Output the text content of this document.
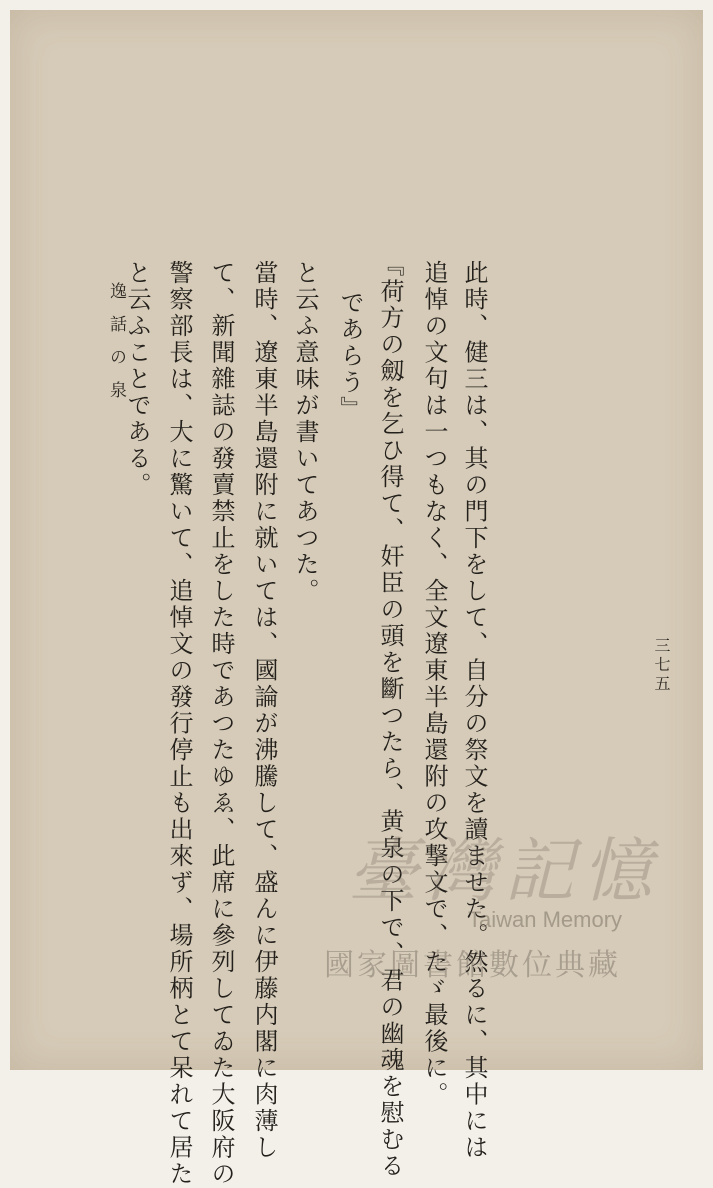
此時、健三は、其の門下をして、自分の祭文を讀ませた。然るに、其中には
追悼の文句は一つもなく、全文遼東半島還附の攻撃文で、たゞ最後に。
『荷方の劔を乞ひ得て、奸臣の頭を斷つたら、黄泉の下で、君の幽魂を慰むる
であらう』
と云ふ意味が書いてあつた。
當時、遼東半島還附に就いては、國論が沸騰して、盛んに伊藤内閣に肉薄し
て、新聞雜誌の發賣禁止をした時であつたゆゑ、此席に參列してゐた大阪府の
警察部長は、大に驚いて、追悼文の發行停止も出來ず、場所柄とて呆れて居た
と云ふことである。
逸話の泉
三七五
臺灣記憶
Taiwan Memory
國家圖書館數位典藏
